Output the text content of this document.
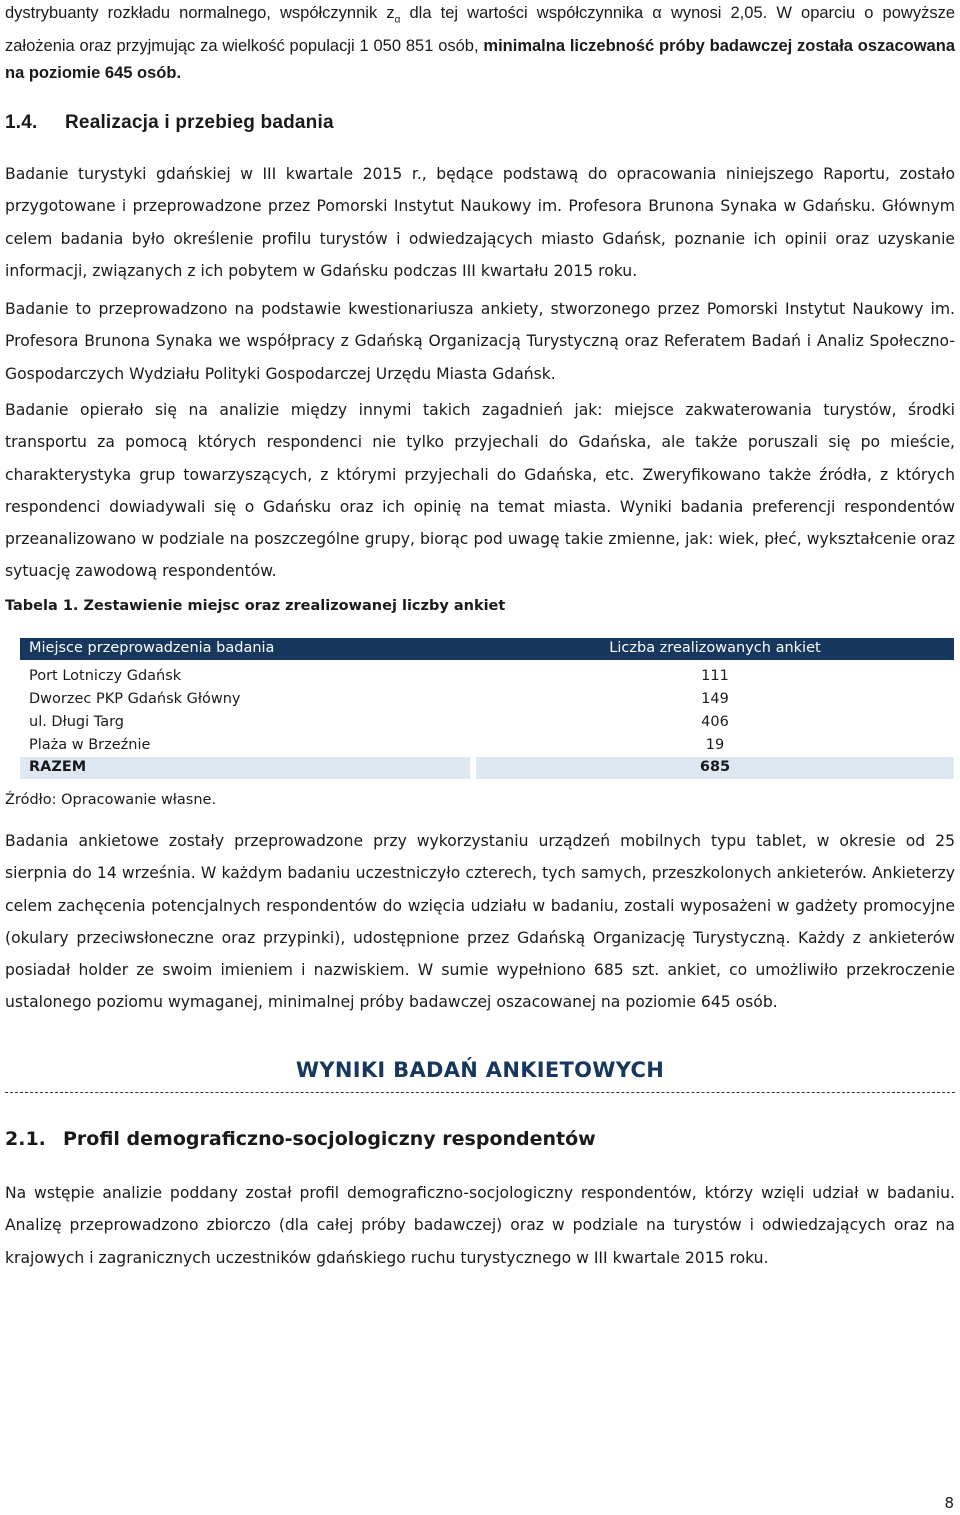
dystrybuanty rozkładu normalnego, współczynnik $z_\alpha$ dla tej wartości współczynnika α wynosi 2,05. W oparciu o powyższe założenia oraz przyjmując za wielkość populacji 1 050 851 osób, minimalna liczebność próby badawczej została oszacowana na poziomie 645 osób.
1.4. Realizacja i przebieg badania
Badanie turystyki gdańskiej w III kwartale 2015 r., będące podstawą do opracowania niniejszego Raportu, zostało przygotowane i przeprowadzone przez Pomorski Instytut Naukowy im. Profesora Brunona Synaka w Gdańsku. Głównym celem badania było określenie profilu turystów i odwiedzających miasto Gdańsk, poznanie ich opinii oraz uzyskanie informacji, związanych z ich pobytem w Gdańsku podczas III kwartału 2015 roku.
Badanie to przeprowadzono na podstawie kwestionariusza ankiety, stworzonego przez Pomorski Instytut Naukowy im. Profesora Brunona Synaka we współpracy z Gdańską Organizacją Turystyczną oraz Referatem Badań i Analiz Społeczno-Gospodarczych Wydziału Polityki Gospodarczej Urzędu Miasta Gdańsk.
Badanie opierało się na analizie między innymi takich zagadnień jak: miejsce zakwaterowania turystów, środki transportu za pomocą których respondenci nie tylko przyjechali do Gdańska, ale także poruszali się po mieście, charakterystyka grup towarzyszących, z którymi przyjechali do Gdańska, etc. Zweryfikowano także źródła, z których respondenci dowiadywali się o Gdańsku oraz ich opinię na temat miasta. Wyniki badania preferencji respondentów przeanalizowano w podziale na poszczególne grupy, biorąc pod uwagę takie zmienne, jak: wiek, płeć, wykształcenie oraz sytuację zawodową respondentów.
Tabela 1. Zestawienie miejsc oraz zrealizowanej liczby ankiet
Miejsce przeprowadzenia badania	Liczba zrealizowanych ankiet
Port Lotniczy Gdańsk	111
Dworzec PKP Gdańsk Główny	149
ul. Długi Targ	406
Plaża w Brzeźnie	19
RAZEM	685
Źródło: Opracowanie własne.
Badania ankietowe zostały przeprowadzone przy wykorzystaniu urządzeń mobilnych typu tablet, w okresie od 25 sierpnia do 14 września. W każdym badaniu uczestniczyło czterech, tych samych, przeszkolonych ankieterów. Ankieterzy celem zachęcenia potencjalnych respondentów do wzięcia udziału w badaniu, zostali wyposażeni w gadżety promocyjne (okulary przeciwsłoneczne oraz przypinki), udostępnione przez Gdańską Organizację Turystyczną. Każdy z ankieterów posiadał holder ze swoim imieniem i nazwiskiem. W sumie wypełniono 685 szt. ankiet, co umożliwiło przekroczenie ustalonego poziomu wymaganej, minimalnej próby badawczej oszacowanej na poziomie 645 osób.
WYNIKI BADAŃ ANKIETOWYCH
2.1. Profil demograficzno-socjologiczny respondentów
Na wstępie analizie poddany został profil demograficzno-socjologiczny respondentów, którzy wzięli udział w badaniu. Analizę przeprowadzono zbiorczo (dla całej próby badawczej) oraz w podziale na turystów i odwiedzających oraz na krajowych i zagranicznych uczestników gdańskiego ruchu turystycznego w III kwartale 2015 roku.
8
